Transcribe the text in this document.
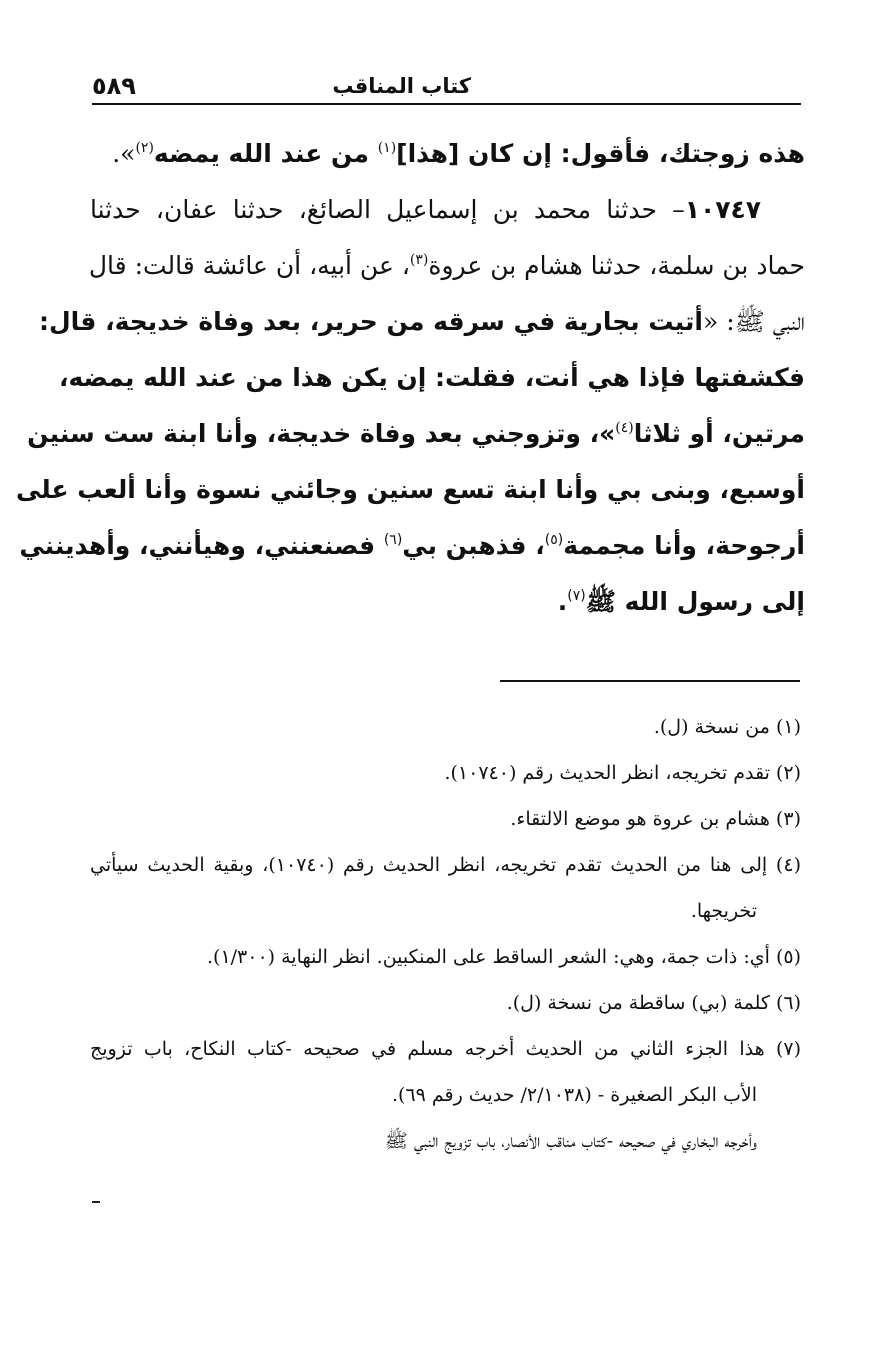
كتاب المناقب
٥٨٩
هذه زوجتك، فأقول: إن كان [هذا]$^{(١)}$ من عند الله يمضه$^{(٢)}$».
١٠٧٤٧– حدثنا محمد بن إسماعيل الصائغ، حدثنا عفان، حدثنا
حماد بن سلمة، حدثنا هشام بن عروة$^{(٣)}$، عن أبيه، أن عائشة قالت: قال
النبي ﷺ: «أتيت بجارية في سرقه من حرير، بعد وفاة خديجة، قال:
فكشفتها فإذا هي أنت، فقلت: إن يكن هذا من عند الله يمضه،
مرتين، أو ثلاثا$^{(٤)}$»، وتزوجني بعد وفاة خديجة، وأنا ابنة ست سنين
أوسبع، وبنى بي وأنا ابنة تسع سنين وجائني نسوة وأنا ألعب على
أرجوحة، وأنا مجممة$^{(٥)}$، فذهبن بي$^{(٦)}$ فصنعنني، وهيأنني، وأهدينني
إلى رسول الله ﷺ$^{(٧)}$.
(١) من نسخة (ل).
(٢) تقدم تخريجه، انظر الحديث رقم (١٠٧٤٠).
(٣) هشام بن عروة هو موضع الالتقاء.
(٤) إلى هنا من الحديث تقدم تخريجه، انظر الحديث رقم (١٠٧٤٠)، وبقية الحديث سيأتي
تخريجها.
(٥) أي: ذات جمة، وهي: الشعر الساقط على المنكبين. انظر النهاية (١/٣٠٠).
(٦) كلمة (بي) ساقطة من نسخة (ل).
(٧) هذا الجزء الثاني من الحديث أخرجه مسلم في صحيحه -كتاب النكاح، باب تزويج
الأب البكر الصغيرة - (٢/١٠٣٨/ حديث رقم ٦٩).
وأخرجه البخاري في صحيحه -كتاب مناقب الأنصار، باب تزويج النبي ﷺ
